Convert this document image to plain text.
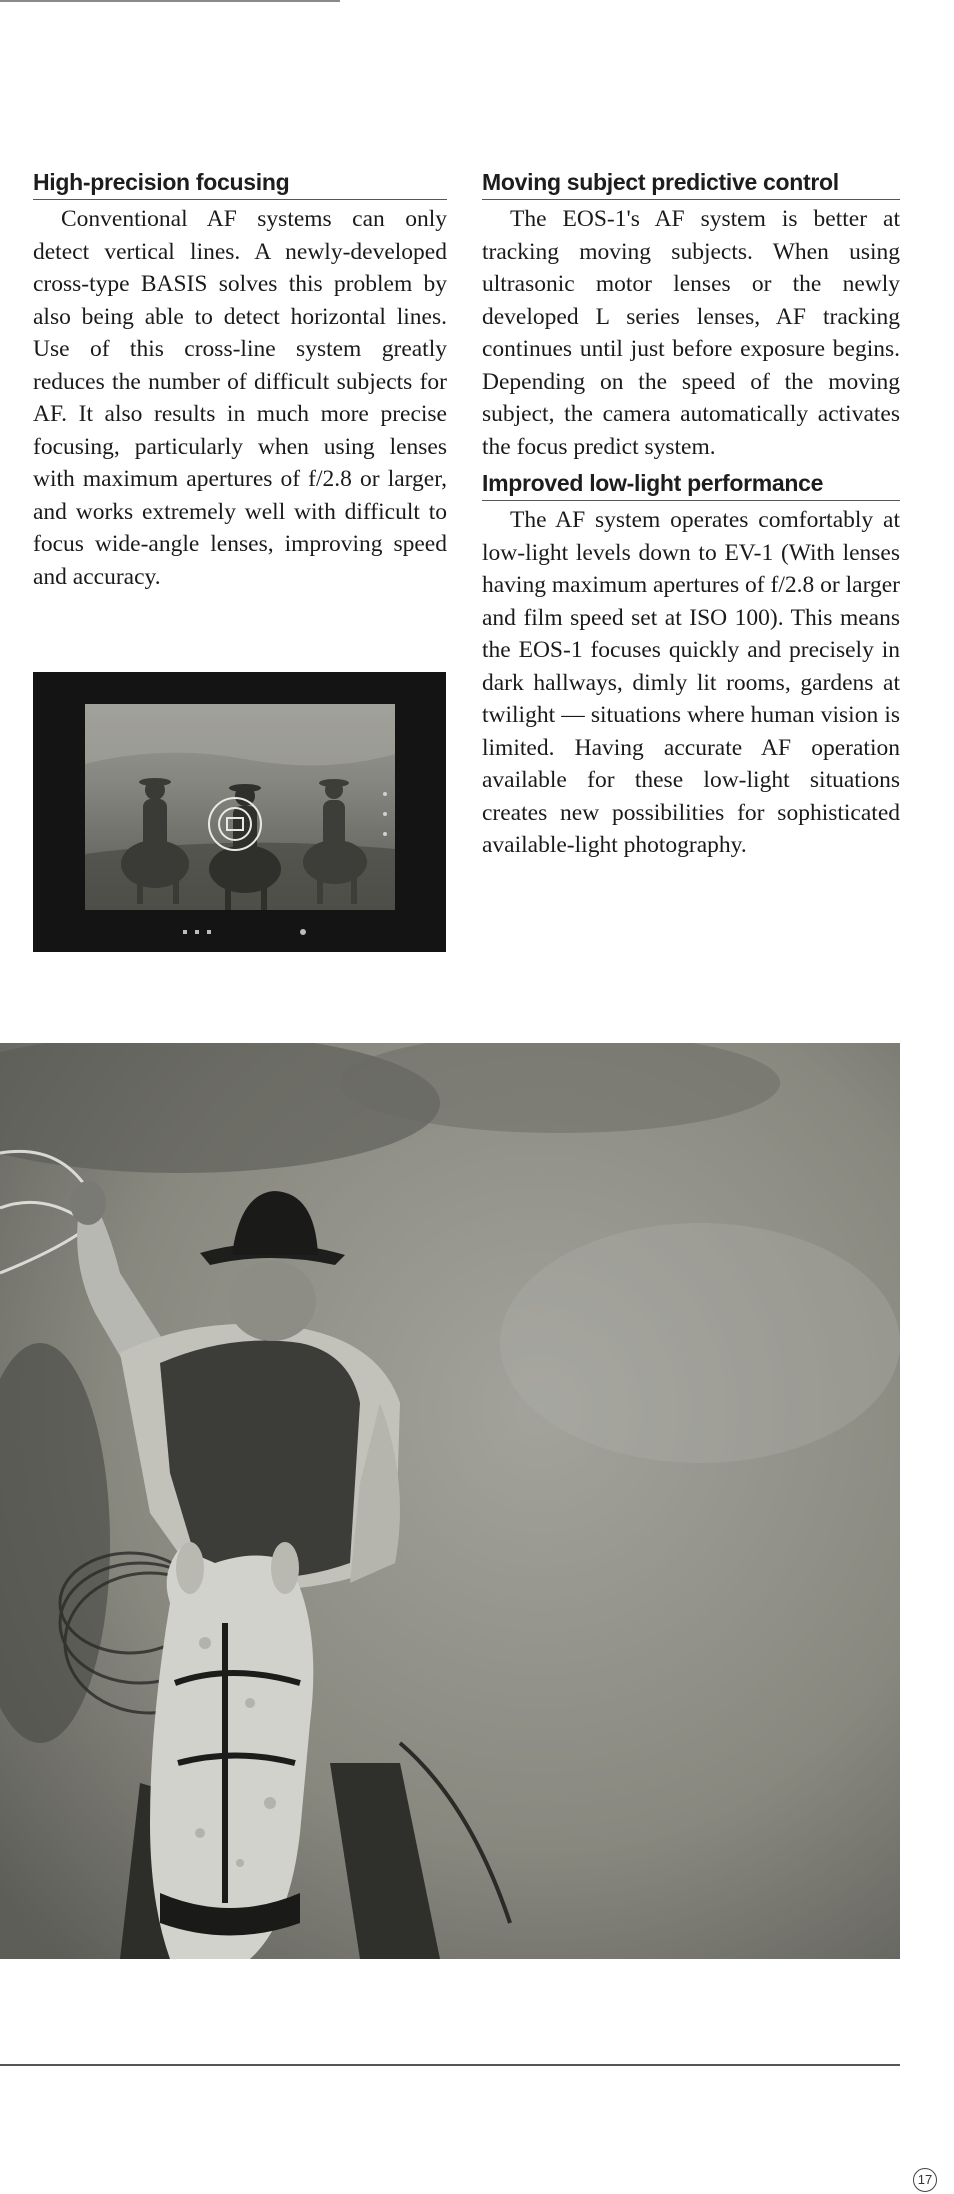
High-precision focusing

Conventional AF systems can only detect vertical lines. A newly-developed cross-type BASIS solves this problem by also being able to detect horizontal lines. Use of this cross-line system greatly reduces the number of difficult subjects for AF. It also results in much more precise focusing, particularly when using lenses with maximum apertures of f/2.8 or larger, and works extremely well with difficult to focus wide-angle lenses, improving speed and accuracy.

Moving subject predictive control

The EOS-1's AF system is better at tracking moving subjects. When using ultrasonic motor lenses or the newly developed L series lenses, AF tracking continues until just before exposure begins. Depending on the speed of the moving subject, the camera automatically activates the focus predict system.

Improved low-light performance

The AF system operates comfortably at low-light levels down to EV-1 (With lenses having maximum apertures of f/2.8 or larger and film speed set at ISO 100). This means the EOS-1 focuses quickly and precisely in dark hallways, dimly lit rooms, gardens at twilight — situations where human vision is limited. Having accurate AF operation available for these low-light situations creates new possibilities for sophisticated available-light photography.

17
